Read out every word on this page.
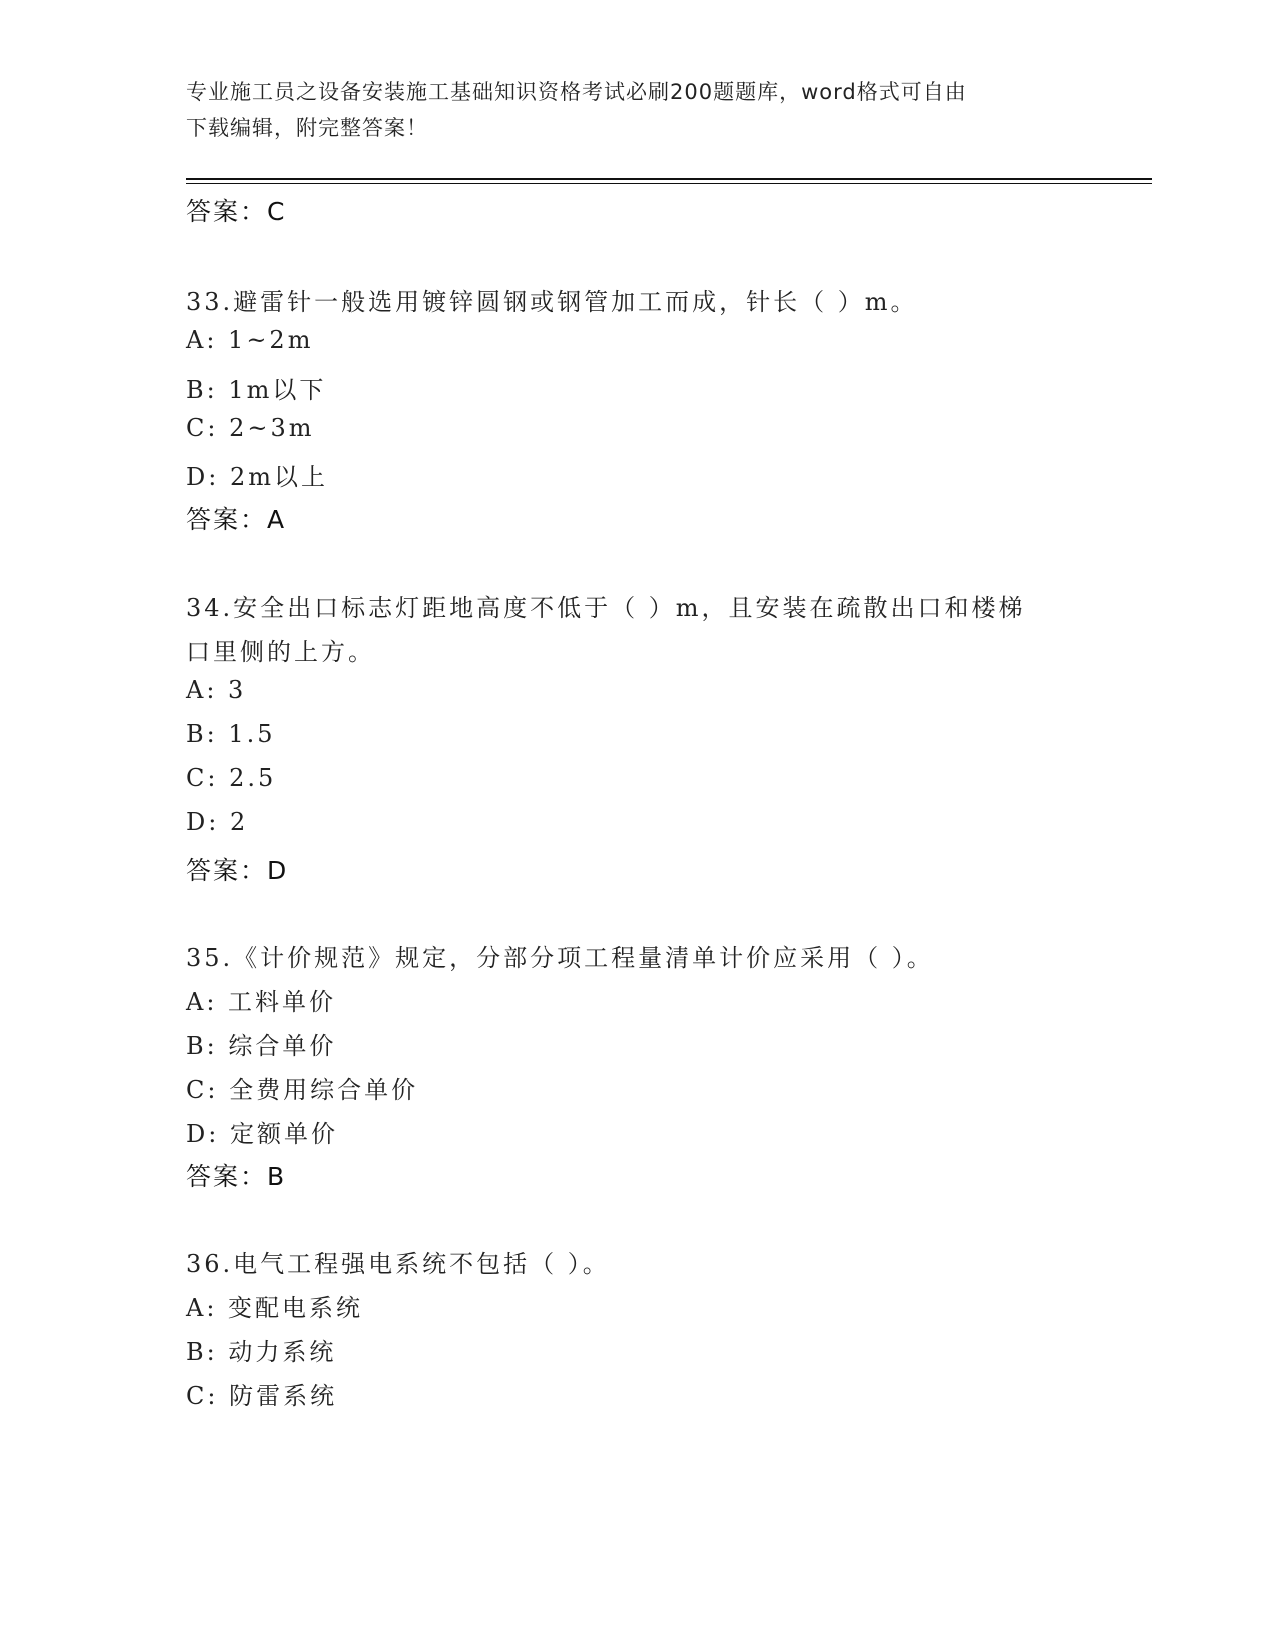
专业施工员之设备安装施工基础知识资格考试必刷200题题库，word格式可自由
下载编辑，附完整答案！
答案：C
33.避雷针一般选用镀锌圆钢或钢管加工而成，针长（ ）m。
A: 1~2m
B: 1m以下
C: 2~3m
D: 2m以上
答案：A
34.安全出口标志灯距地高度不低于（ ）m，且安装在疏散出口和楼梯
口里侧的上方。
A: 3
B: 1.5
C: 2.5
D: 2
答案：D
35.《计价规范》规定，分部分项工程量清单计价应采用（ ）。
A: 工料单价
B: 综合单价
C: 全费用综合单价
D: 定额单价
答案：B
36.电气工程强电系统不包括（ ）。
A: 变配电系统
B: 动力系统
C: 防雷系统
